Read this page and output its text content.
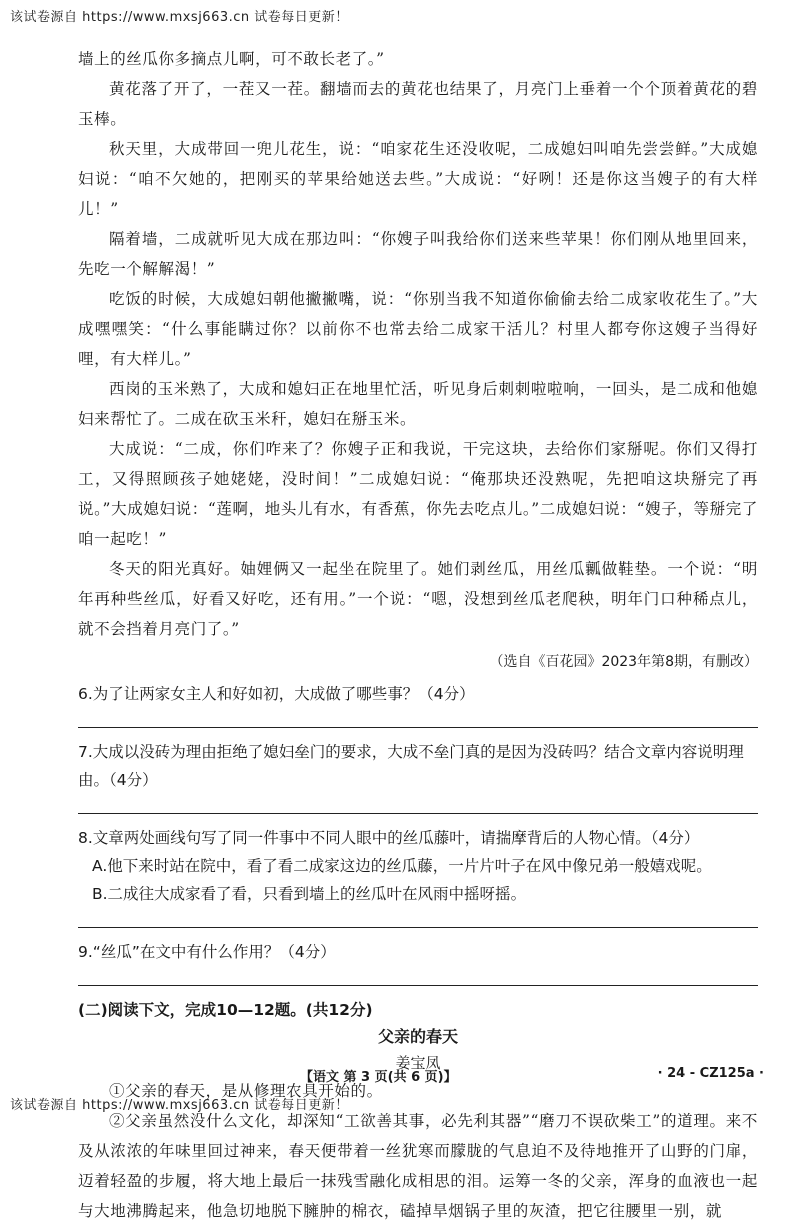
该试卷源自 https://www.mxsj663.cn 试卷每日更新！

墙上的丝瓜你多摘点儿啊，可不敢长老了。”

黄花落了开了，一茬又一茬。翻墙而去的黄花也结果了，月亮门上垂着一个个顶着黄花的碧玉棒。

秋天里，大成带回一兜儿花生，说：“咱家花生还没收呢，二成媳妇叫咱先尝尝鲜。”大成媳妇说：“咱不欠她的，把刚买的苹果给她送去些。”大成说：“好咧！还是你这当嫂子的有大样儿！”

隔着墙，二成就听见大成在那边叫：“你嫂子叫我给你们送来些苹果！你们刚从地里回来，先吃一个解解渴！”

吃饭的时候，大成媳妇朝他撇撇嘴，说：“你别当我不知道你偷偷去给二成家收花生了。”大成嘿嘿笑：“什么事能瞒过你？以前你不也常去给二成家干活儿？村里人都夸你这嫂子当得好哩，有大样儿。”

西岗的玉米熟了，大成和媳妇正在地里忙活，听见身后刺刺啦啦响，一回头，是二成和他媳妇来帮忙了。二成在砍玉米秆，媳妇在掰玉米。

大成说：“二成，你们咋来了？你嫂子正和我说，干完这块，去给你们家掰呢。你们又得打工，又得照顾孩子她姥姥，没时间！”二成媳妇说：“俺那块还没熟呢，先把咱这块掰完了再说。”大成媳妇说：“莲啊，地头儿有水，有香蕉，你先去吃点儿。”二成媳妇说：“嫂子，等掰完了咱一起吃！”

冬天的阳光真好。妯娌俩又一起坐在院里了。她们剥丝瓜，用丝瓜瓤做鞋垫。一个说：“明年再种些丝瓜，好看又好吃，还有用。”一个说：“嗯，没想到丝瓜老爬秧，明年门口种稀点儿，就不会挡着月亮门了。”

（选自《百花园》2023年第8期，有删改）

6.为了让两家女主人和好如初，大成做了哪些事？（4分）

7.大成以没砖为理由拒绝了媳妇垒门的要求，大成不垒门真的是因为没砖吗？结合文章内容说明理由。（4分）

8.文章两处画线句写了同一件事中不同人眼中的丝瓜藤叶，请揣摩背后的人物心情。（4分）

A.他下来时站在院中，看了看二成家这边的丝瓜藤，一片片叶子在风中像兄弟一般嬉戏呢。

B.二成往大成家看了看，只看到墙上的丝瓜叶在风雨中摇呀摇。

9.“丝瓜”在文中有什么作用？（4分）

(二)阅读下文，完成10—12题。(共12分)

父亲的春天

姜宝凤

①父亲的春天，是从修理农具开始的。

②父亲虽然没什么文化，却深知“工欲善其事，必先利其器”“磨刀不误砍柴工”的道理。来不及从浓浓的年味里回过神来，春天便带着一丝犹寒而朦胧的气息迫不及待地推开了山野的门扉，迈着轻盈的步履，将大地上最后一抹残雪融化成相思的泪。运筹一冬的父亲，浑身的血液也一起与大地沸腾起来，他急切地脱下臃肿的棉衣，磕掉旱烟锅子里的灰渣，把它往腰里一别，就

【语文 第 3 页(共 6 页)】	· 24 - CZ125a ·
该试卷源自 https://www.mxsj663.cn 试卷每日更新！
